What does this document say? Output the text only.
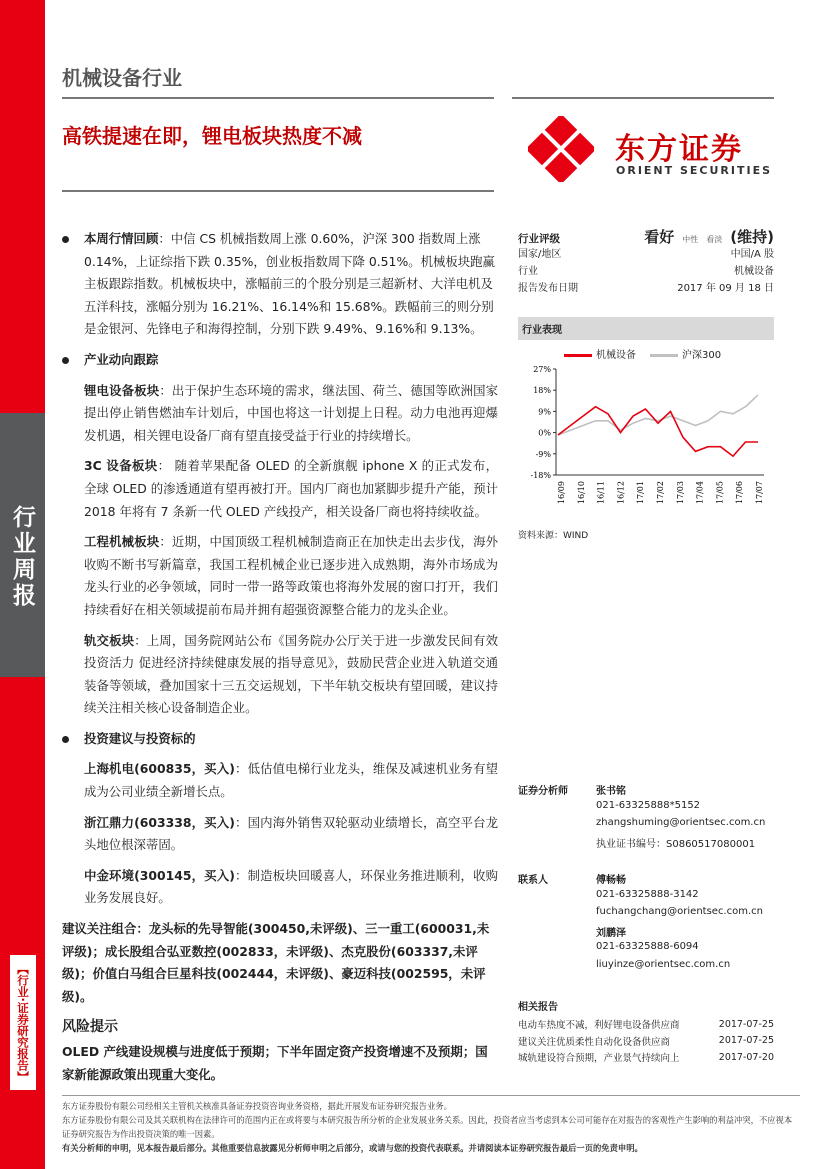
行业周报
【行业·证券研究报告】
机械设备行业
高铁提速在即，锂电板块热度不减	东方证券
ORIENT SECURITIES
本周行情回顾：中信 CS 机械指数周上涨 0.60%，沪深 300 指数周上涨 0.14%，上证综指下跌 0.35%，创业板指数周下降 0.51%。机械板块跑赢主板跟踪指数。机械板块中，涨幅前三的个股分别是三超新材、大洋电机及五洋科技，涨幅分别为 16.21%、16.14%和 15.68%。跌幅前三的则分别是金银河、先锋电子和海得控制，分别下跌 9.49%、9.16%和 9.13%。
产业动向跟踪
锂电设备板块：出于保护生态环境的需求，继法国、荷兰、德国等欧洲国家提出停止销售燃油车计划后，中国也将这一计划提上日程。动力电池再迎爆发机遇，相关锂电设备厂商有望直接受益于行业的持续增长。
3C 设备板块： 随着苹果配备 OLED 的全新旗舰 iphone X 的正式发布，全球 OLED 的渗透通道有望再被打开。国内厂商也加紧脚步提升产能，预计 2018 年将有 7 条新一代 OLED 产线投产，相关设备厂商也将持续收益。
工程机械板块：近期，中国顶级工程机械制造商正在加快走出去步伐，海外收购不断书写新篇章，我国工程机械企业已逐步进入成熟期，海外市场成为龙头行业的必争领域，同时一带一路等政策也将海外发展的窗口打开，我们持续看好在相关领域提前布局并拥有超强资源整合能力的龙头企业。
轨交板块：上周，国务院网站公布《国务院办公厅关于进一步激发民间有效投资活力 促进经济持续健康发展的指导意见》，鼓励民营企业进入轨道交通装备等领域，叠加国家十三五交运规划，下半年轨交板块有望回暖，建议持续关注相关核心设备制造企业。
投资建议与投资标的
上海机电(600835，买入)：低估值电梯行业龙头，维保及减速机业务有望成为公司业绩全新增长点。
浙江鼎力(603338，买入)：国内海外销售双轮驱动业绩增长，高空平台龙头地位根深蒂固。
中金环境(300145，买入)：制造板块回暖喜人，环保业务推进顺利，收购业务发展良好。
建议关注组合：龙头标的先导智能(300450,未评级)、三一重工(600031,未评级)；成长股组合弘亚数控(002833，未评级)、杰克股份(603337,未评级)；价值白马组合巨星科技(002444，未评级)、豪迈科技(002595，未评级)。
风险提示
OLED 产线建设规模与进度低于预期；下半年固定资产投资增速不及预期；国家新能源政策出现重大变化。
行业评级	看好 中性 看淡 (维持)
国家/地区	中国/A 股
行业	机械设备
报告发布日期	2017 年 09 月 18 日
行业表现
机械设备	沪深300
27%
18%
9%
0%
-9%
-18%
16/09 16/10 16/11 16/12 17/01 17/02 17/03 17/04 17/05 17/06 17/07
资料来源：WIND
证券分析师	张书铭
021-63325888*5152
zhangshuming@orientsec.com.cn
执业证书编号：S0860517080001
联系人	傅畅畅
021-63325888-3142
fuchangchang@orientsec.com.cn
刘鹏泽
021-63325888-6094
liuyinze@orientsec.com.cn
相关报告
电动车热度不减，利好锂电设备供应商	2017-07-25
建议关注优质柔性自动化设备供应商	2017-07-25
城轨建设符合预期，产业景气持续向上	2017-07-20
东方证券股份有限公司经相关主管机关核准具备证券投资咨询业务资格，据此开展发布证券研究报告业务。
东方证券股份有限公司及其关联机构在法律许可的范围内正在或将要与本研究报告所分析的企业发展业务关系。因此，投资者应当考虑到本公司可能存在对报告的客观性产生影响的利益冲突，不应视本证券研究报告为作出投资决策的唯一因素。
有关分析师的申明，见本报告最后部分。其他重要信息披露见分析师申明之后部分，或请与您的投资代表联系。并请阅读本证券研究报告最后一页的免责申明。
